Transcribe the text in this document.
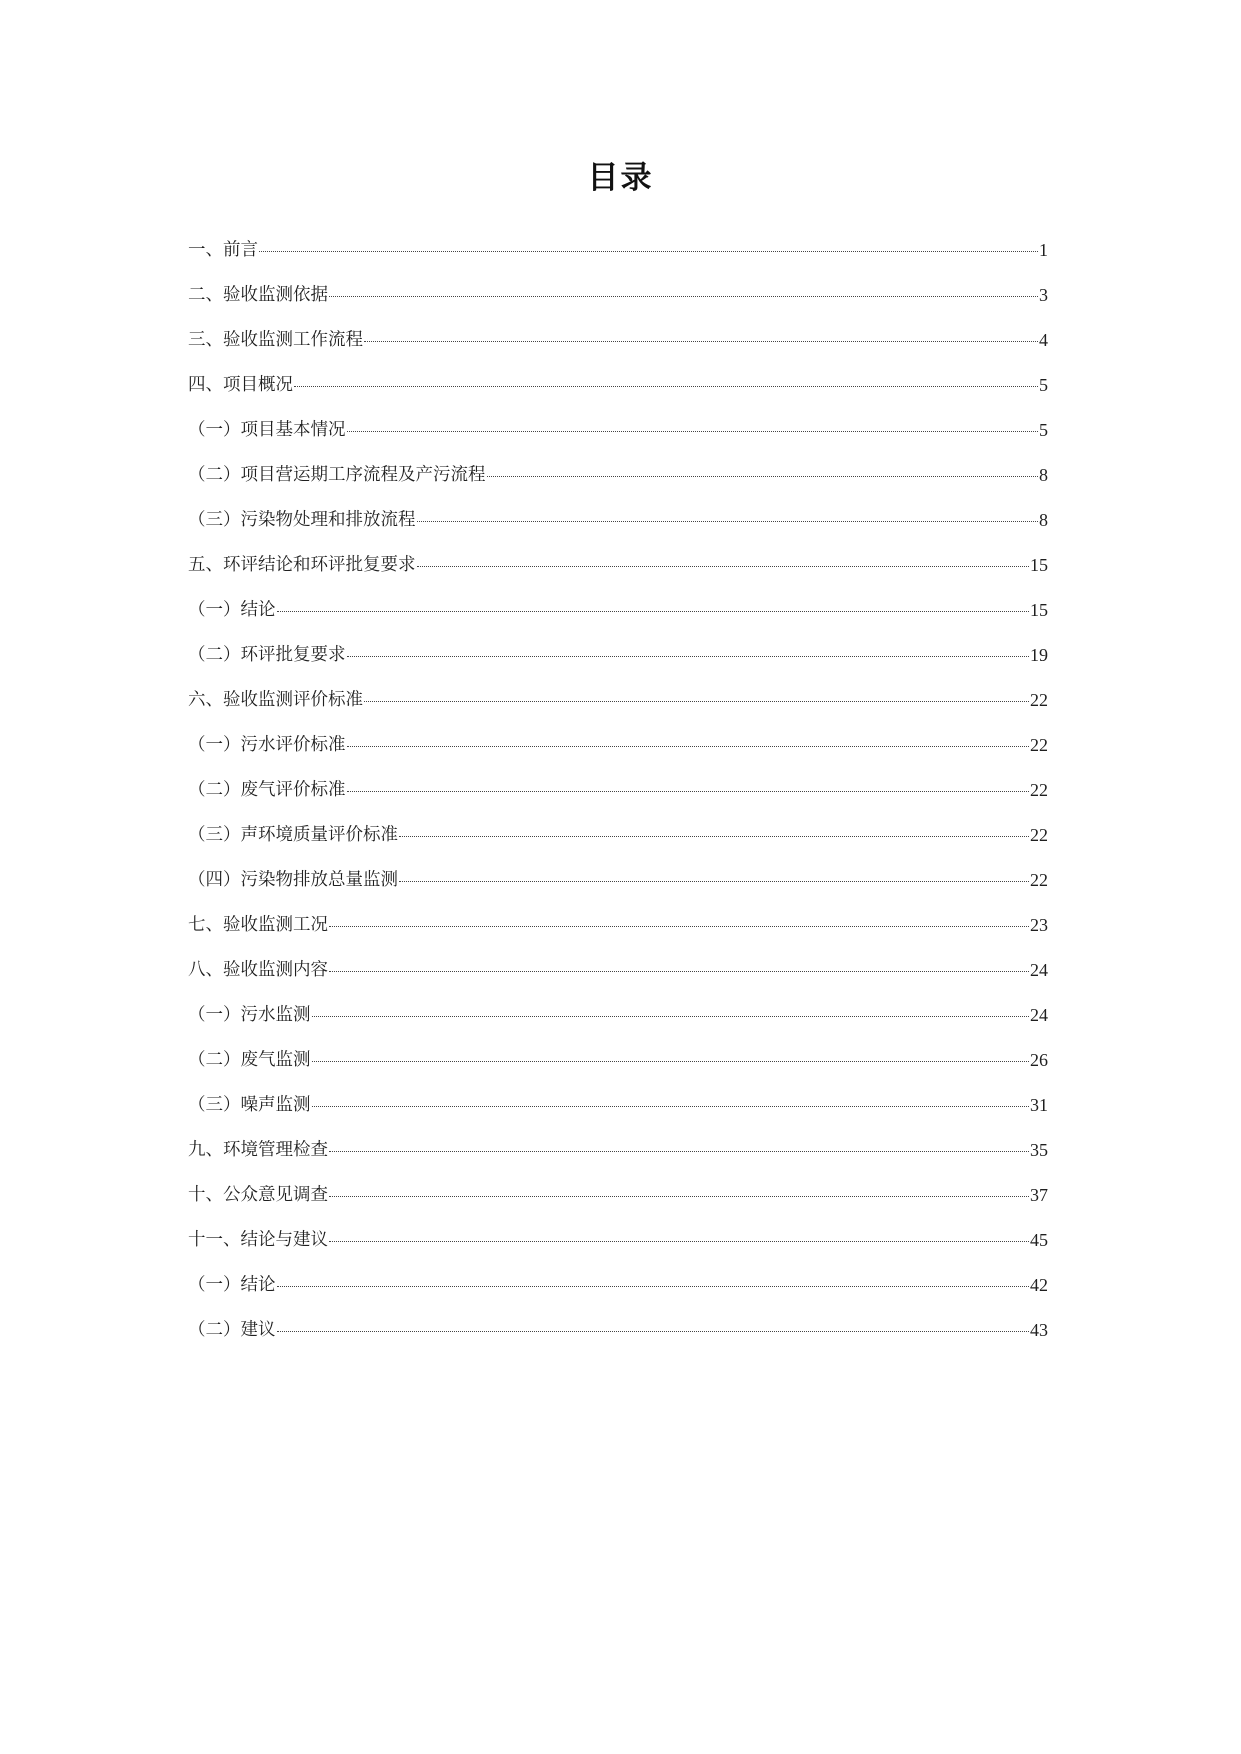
目录
一、前言	1
二、验收监测依据	3
三、验收监测工作流程	4
四、项目概况	5
（一）项目基本情况	5
（二）项目营运期工序流程及产污流程	8
（三）污染物处理和排放流程	8
五、环评结论和环评批复要求	15
（一）结论	15
（二）环评批复要求	19
六、验收监测评价标准	22
（一）污水评价标准	22
（二）废气评价标准	22
（三）声环境质量评价标准	22
（四）污染物排放总量监测	22
七、验收监测工况	23
八、验收监测内容	24
（一）污水监测	24
（二）废气监测	26
（三）噪声监测	31
九、环境管理检查	35
十、公众意见调查	37
十一、结论与建议	45
（一）结论	42
（二）建议	43
